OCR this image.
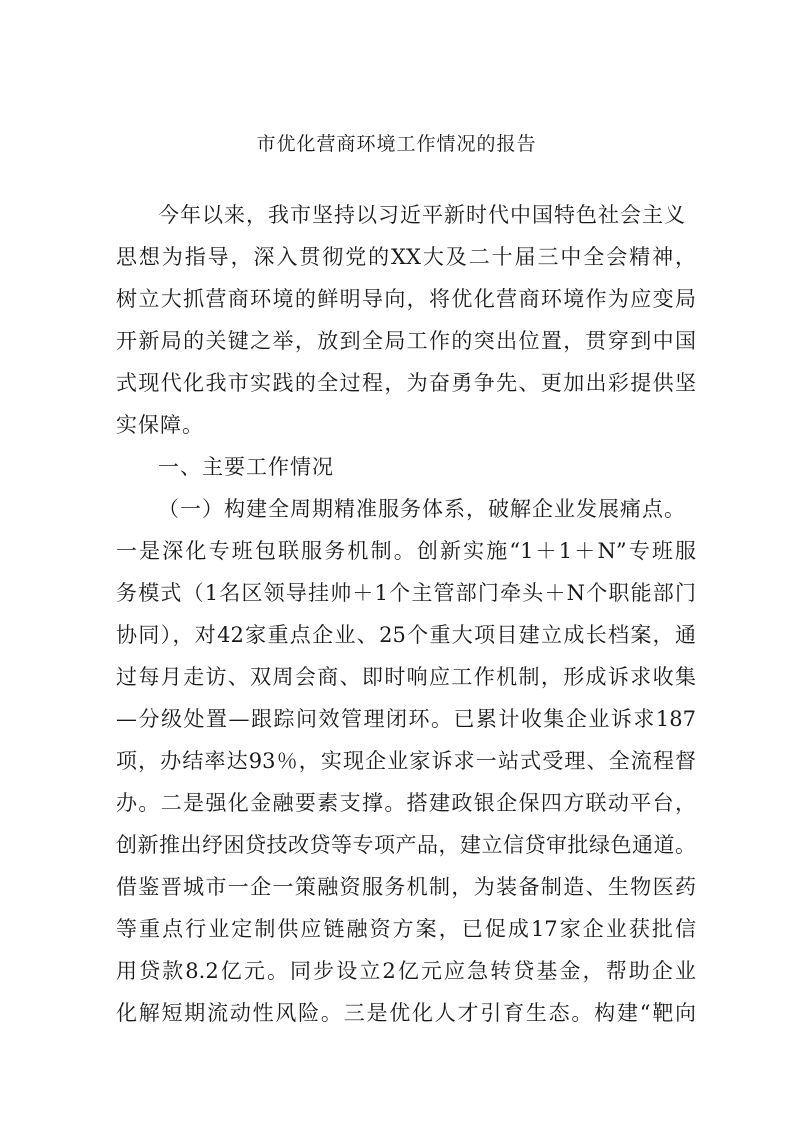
市优化营商环境工作情况的报告
今年以来，我市坚持以习近平新时代中国特色社会主义
思想为指导，深入贯彻党的XX大及二十届三中全会精神，
树立大抓营商环境的鲜明导向，将优化营商环境作为应变局
开新局的关键之举，放到全局工作的突出位置，贯穿到中国
式现代化我市实践的全过程，为奋勇争先、更加出彩提供坚
实保障。
一、主要工作情况
（一）构建全周期精准服务体系，破解企业发展痛点。
一是深化专班包联服务机制。创新实施“1＋1＋N”专班服
务模式（1名区领导挂帅＋1个主管部门牵头＋N个职能部门
协同），对42家重点企业、25个重大项目建立成长档案，通
过每月走访、双周会商、即时响应工作机制，形成诉求收集
—分级处置—跟踪问效管理闭环。已累计收集企业诉求187
项，办结率达93％，实现企业家诉求一站式受理、全流程督
办。二是强化金融要素支撑。搭建政银企保四方联动平台，
创新推出纾困贷技改贷等专项产品，建立信贷审批绿色通道。
借鉴晋城市一企一策融资服务机制，为装备制造、生物医药
等重点行业定制供应链融资方案，已促成17家企业获批信
用贷款8.2亿元。同步设立2亿元应急转贷基金，帮助企业
化解短期流动性风险。三是优化人才引育生态。构建“靶向
